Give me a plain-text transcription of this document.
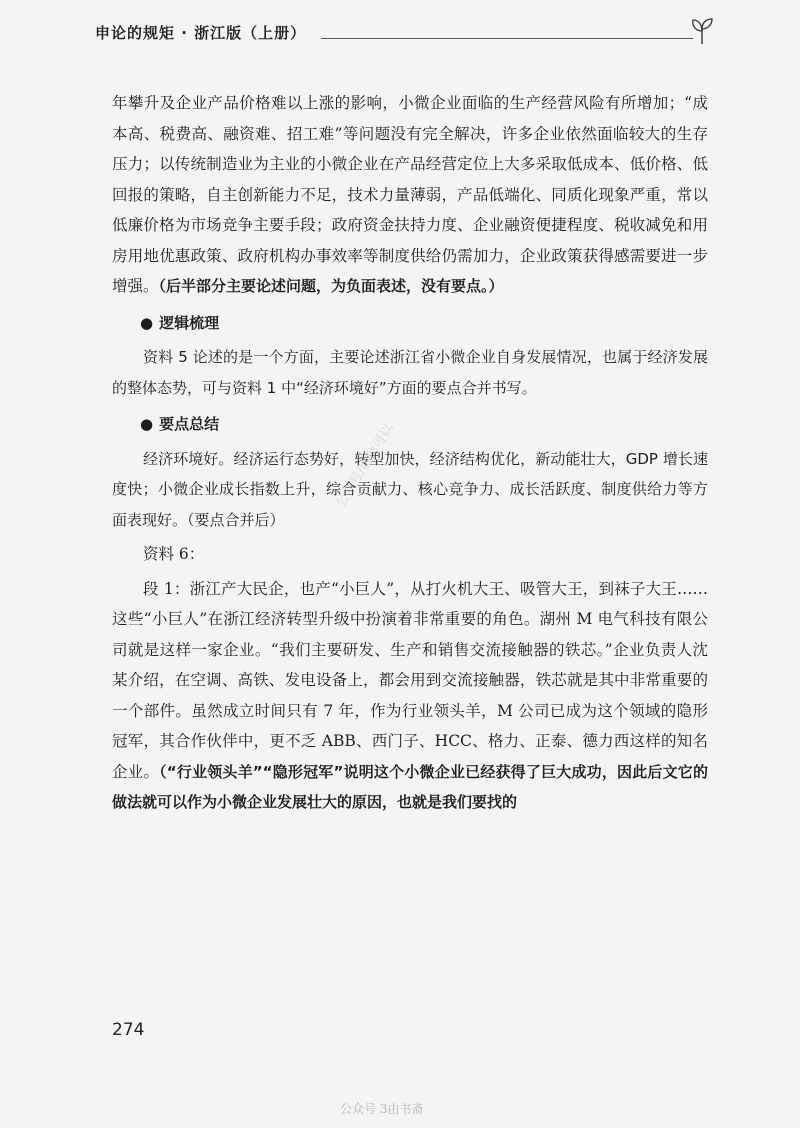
申论的规矩 · 浙江版（上册）
公众号/协会可以

年攀升及企业产品价格难以上涨的影响，小微企业面临的生产经营风险有所增加；“成本高、税费高、融资难、招工难”等问题没有完全解决，许多企业依然面临较大的生存压力；以传统制造业为主业的小微企业在产品经营定位上大多采取低成本、低价格、低回报的策略，自主创新能力不足，技术力量薄弱，产品低端化、同质化现象严重，常以低廉价格为市场竞争主要手段；政府资金扶持力度、企业融资便捷程度、税收减免和用房用地优惠政策、政府机构办事效率等制度供给仍需加力，企业政策获得感需要进一步增强。（后半部分主要论述问题，为负面表述，没有要点。）

● 逻辑梳理

资料 5 论述的是一个方面，主要论述浙江省小微企业自身发展情况，也属于经济发展的整体态势，可与资料 1 中“经济环境好”方面的要点合并书写。

● 要点总结

经济环境好。经济运行态势好，转型加快，经济结构优化，新动能壮大，GDP 增长速度快；小微企业成长指数上升，综合贡献力、核心竞争力、成长活跃度、制度供给力等方面表现好。（要点合并后）

资料 6：

段 1：浙江产大民企，也产“小巨人”，从打火机大王、吸管大王，到袜子大王……这些“小巨人”在浙江经济转型升级中扮演着非常重要的角色。湖州 M 电气科技有限公司就是这样一家企业。“我们主要研发、生产和销售交流接触器的铁芯。”企业负责人沈某介绍，在空调、高铁、发电设备上，都会用到交流接触器，铁芯就是其中非常重要的一个部件。虽然成立时间只有 7 年，作为行业领头羊，M 公司已成为这个领域的隐形冠军，其合作伙伴中，更不乏 ABB、西门子、HCC、格力、正泰、德力西这样的知名企业。（“行业领头羊”“隐形冠军”说明这个小微企业已经获得了巨大成功，因此后文它的做法就可以作为小微企业发展壮大的原因，也就是我们要找的

274
公众号 3由书斋
